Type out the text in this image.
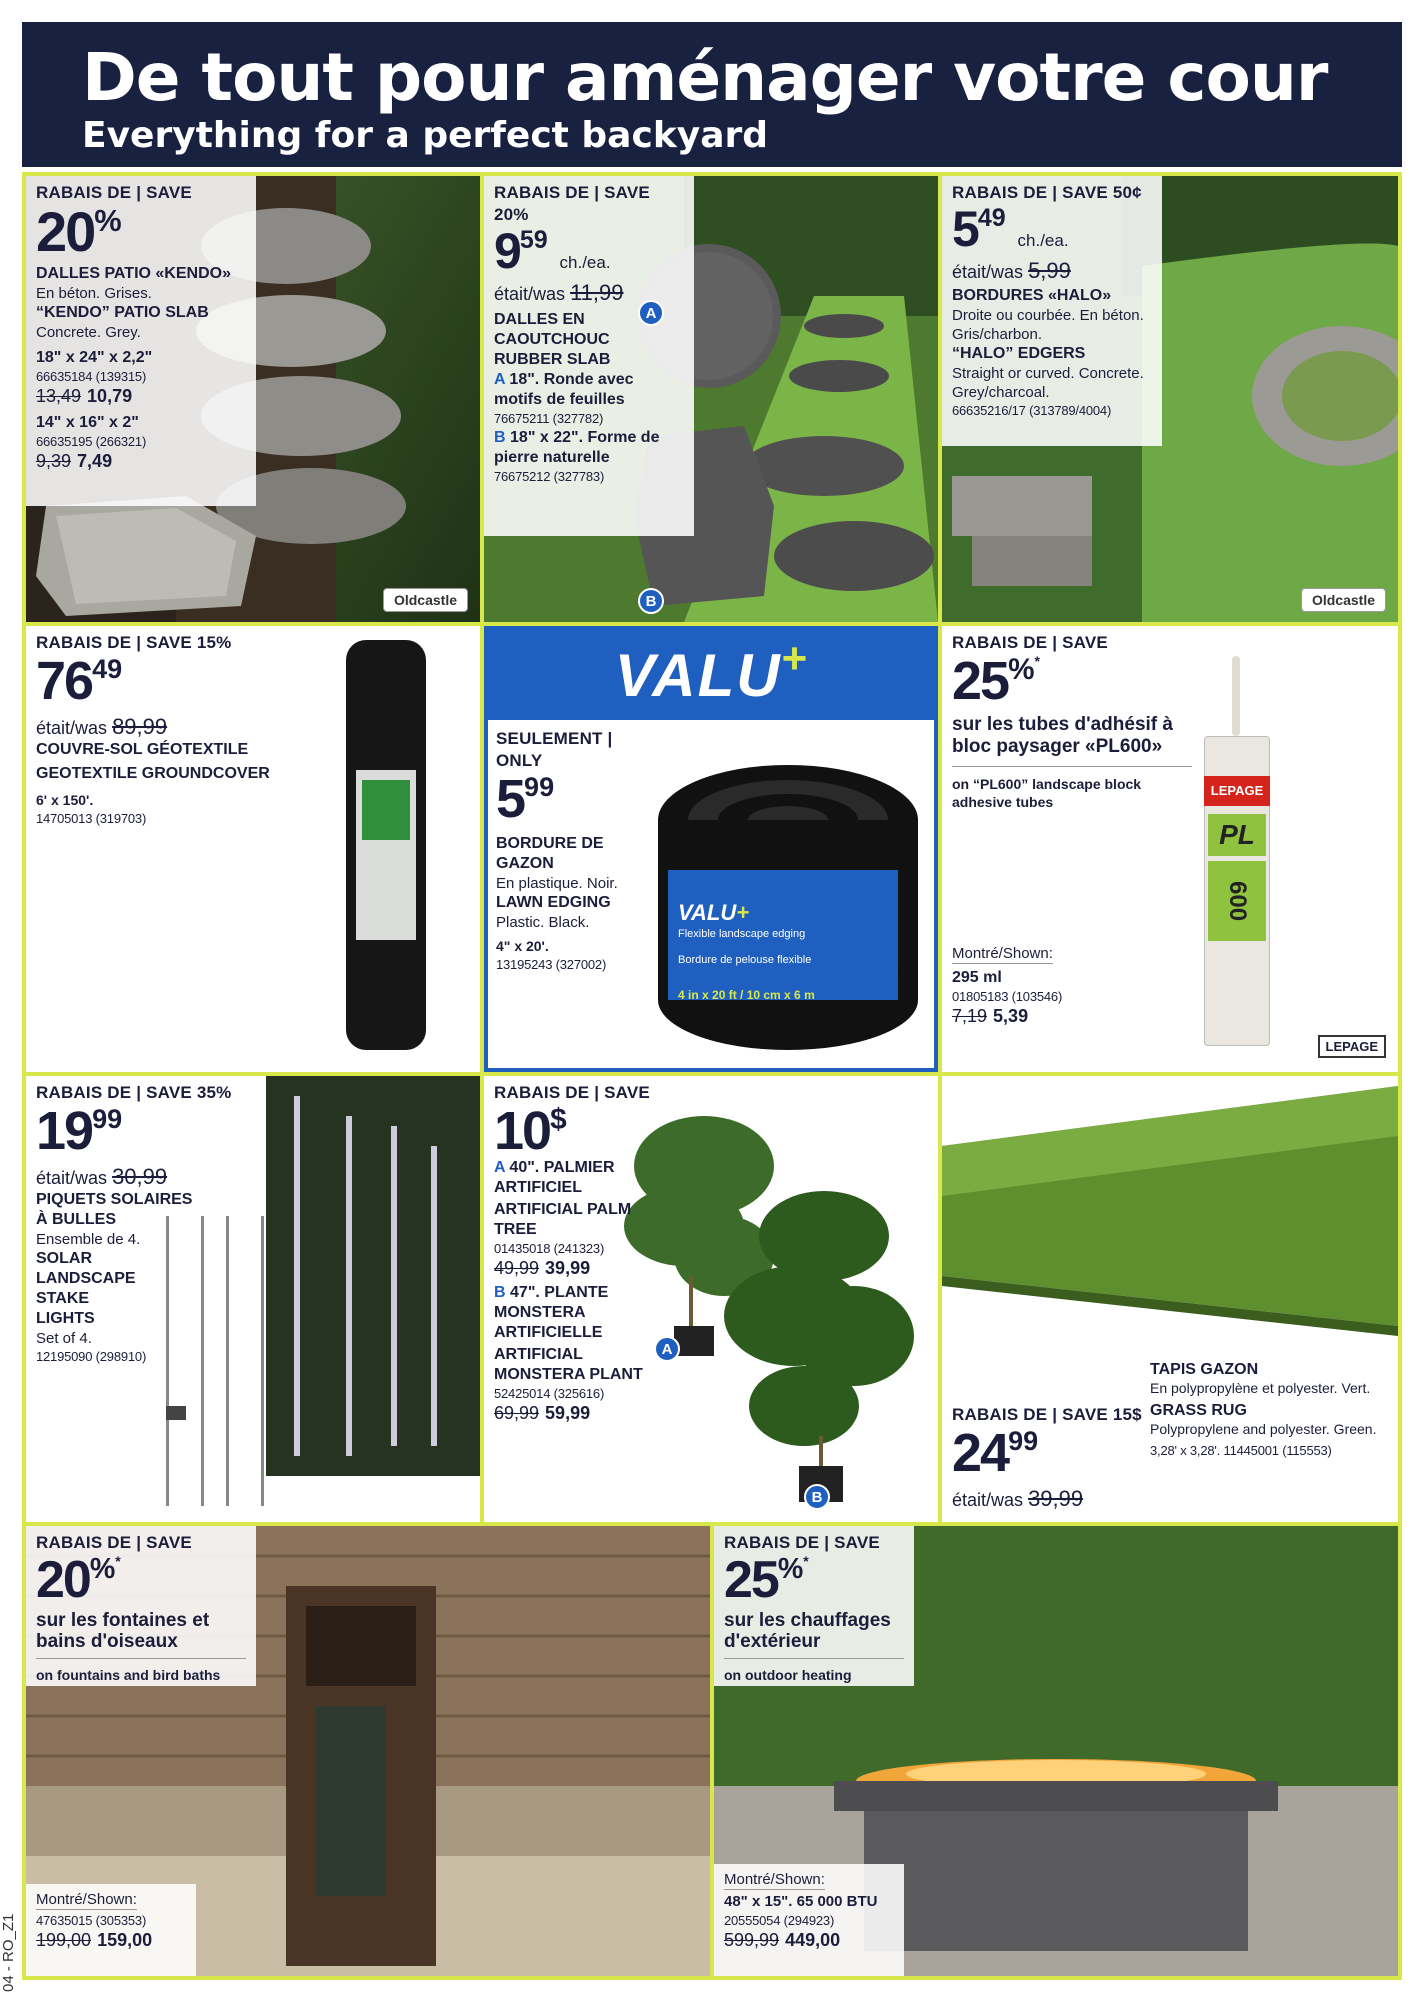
De tout pour aménager votre cour
Everything for a perfect backyard
04 - RO_Z1
RABAIS DE | SAVE
20%
DALLES PATIO «KENDO»
En béton. Grises.
“KENDO” PATIO SLAB
Concrete. Grey.
18" x 24" x 2,2"
66635184 (139315)
13,49 10,79
14" x 16" x 2"
66635195 (266321)
9,39 7,49
Oldcastle
RABAIS DE | SAVE 20%
$9^{59}$ ch./ea.
était/was 11,99
DALLES EN CAOUTCHOUC
RUBBER SLAB
A 18". Ronde avec motifs de feuilles
76675211 (327782)
B 18" x 22". Forme de pierre naturelle
76675212 (327783)
A
B
RABAIS DE | SAVE 50¢
$5^{49}$ ch./ea.
était/was 5,99
BORDURES «HALO»
Droite ou courbée. En béton. Gris/charbon.
“HALO” EDGERS
Straight or curved. Concrete. Grey/charcoal.
66635216/17 (313789/4004)
Oldcastle
RABAIS DE | SAVE 15%
$76^{49}$
était/was 89,99
COUVRE-SOL GÉOTEXTILE
GEOTEXTILE GROUNDCOVER
6' x 150'.
14705013 (319703)
VALU +
SEULEMENT | ONLY
$5^{99}$
BORDURE DE GAZON
En plastique. Noir.
LAWN EDGING
Plastic. Black.
4" x 20'.
13195243 (327002)
VALU+
Flexible landscape edging
Bordure de pelouse flexible
4 in x 20 ft / 10 cm x 6 m
RABAIS DE | SAVE
25%*
sur les tubes d'adhésif à bloc paysager «PL600»
on “PL600” landscape block adhesive tubes
Montré/Shown:
295 ml
01805183 (103546)
7,19 5,39
LEPAGE
PL
600
LEPAGE
RABAIS DE | SAVE 35%
$19^{99}$
était/was 30,99
PIQUETS SOLAIRES À BULLES
Ensemble de 4.
SOLAR LANDSCAPE STAKE LIGHTS
Set of 4.
12195090 (298910)
RABAIS DE | SAVE
10$
A 40". PALMIER ARTIFICIEL
ARTIFICIAL PALM TREE
01435018 (241323)
49,99 39,99
B 47". PLANTE MONSTERA ARTIFICIELLE
ARTIFICIAL MONSTERA PLANT
52425014 (325616)
69,99 59,99
A
B
TAPIS GAZON
En polypropylène et polyester. Vert.
GRASS RUG
Polypropylene and polyester. Green.
3,28' x 3,28'. 11445001 (115553)
RABAIS DE | SAVE 15$
$24^{99}$
était/was 39,99
RABAIS DE | SAVE
20%*
sur les fontaines et bains d'oiseaux
on fountains and bird baths
Montré/Shown:
47635015 (305353)
199,00 159,00
RABAIS DE | SAVE
25%*
sur les chauffages d'extérieur
on outdoor heating
Montré/Shown:
48" x 15". 65 000 BTU
20555054 (294923)
599,99 449,00
